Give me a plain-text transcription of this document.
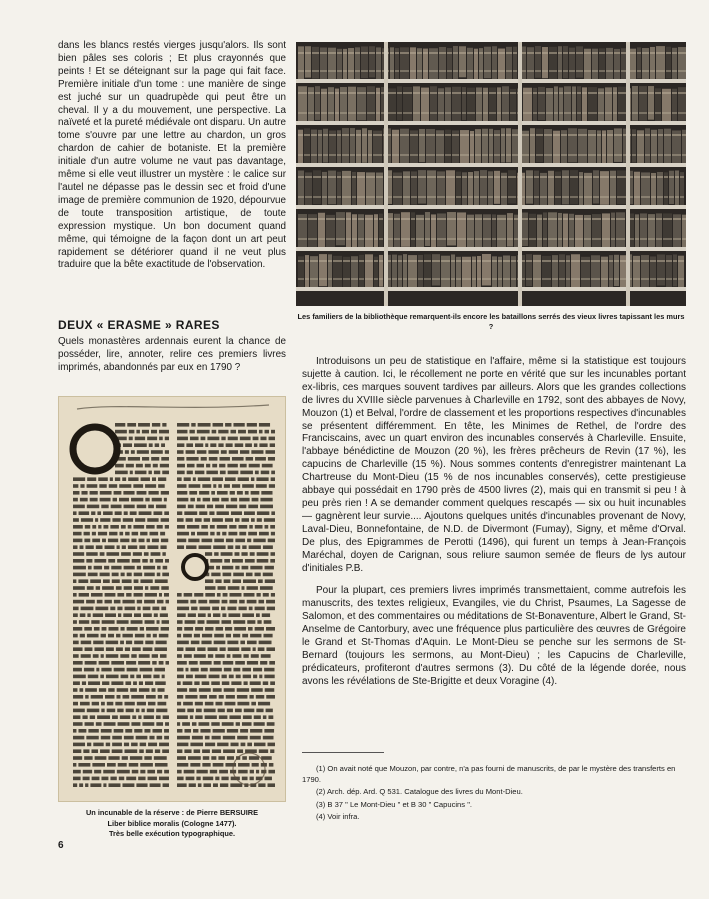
dans les blancs restés vierges jusqu'alors. Ils sont bien pâles ses coloris ; Et plus crayonnés que peints ! Et se déteignant sur la page qui fait face. Première initiale d'un tome : une manière de singe est juché sur un quadrupède qui peut être un cheval. Il y a du mouvement, une perspective. La naïveté et la pureté médiévale ont disparu. Un autre tome s'ouvre par une lettre au chardon, un gros chardon de cahier de botaniste. Et la première initiale d'un autre volume ne vaut pas davantage, même si elle veut illustrer un mystère : le calice sur l'autel ne dépasse pas le dessin sec et froid d'une image de première communion de 1920, dépourvue de toute transposition artistique, de toute expression mystique. Un bon document quand même, qui témoigne de la façon dont un art peut rapidement se détériorer quand il ne veut plus traduire que la bête exactitude de l'observation.

Les familiers de la bibliothèque remarquent-ils encore les bataillons serrés des vieux livres tapissant les murs ?
DEUX « ERASME » RARES

Quels monastères ardennais eurent la chance de posséder, lire, annoter, relire ces premiers livres imprimés, abandonnés par eux en 1790 ?

Un incunable de la réserve : de Pierre BERSUIRE
Liber biblice moralis (Cologne 1477).
Très belle exécution typographique.

Introduisons un peu de statistique en l'affaire, même si la statistique est toujours sujette à caution. Ici, le récollement ne porte en vérité que sur les incunables portant ex-libris, ces marques souvent tardives par ailleurs. Alors que les grandes collections de livres du XVIIIe siècle parvenues à Charleville en 1792, sont des abbayes de Novy, Mouzon (1) et Belval, l'ordre de classement et les proportions respectives d'incunables se présentent différemment. En tête, les Minimes de Rethel, de l'ordre des Franciscains, avec un quart environ des incunables conservés à Charleville. Ensuite, l'abbaye bénédictine de Mouzon (20 %), les frères prêcheurs de Revin (17 %), les capucins de Charleville (15 %). Nous sommes contents d'enregistrer maintenant La Chartreuse du Mont-Dieu (15 % de nos incunables conservés), cette prestigieuse abbaye qui possédait en 1790 près de 4500 livres (2), mais qui en transmit si peu ! à peu près rien ! A se demander comment quelques rescapés — six ou huit incunables — gagnèrent leur survie.... Ajoutons quelques unités d'incunables provenant de Novy, Laval-Dieu, Bonnefontaine, de N.D. de Divermont (Fumay), Signy, et même d'Orval. De plus, des Epigrammes de Perotti (1496), qui furent un temps à Jean-François Maréchal, doyen de Carignan, sous reliure saumon semée de fleurs de lys autour d'initiales P.B.

Pour la plupart, ces premiers livres imprimés transmettaient, comme autrefois les manuscrits, des textes religieux, Evangiles, vie du Christ, Psaumes, La Sagesse de Salomon, et des commentaires ou méditations de St-Bonaventure, Albert le Grand, St-Anselme de Cantorbury, avec une fréquence plus particulière des œuvres de Grégoire le Grand et St-Thomas d'Aquin. Le Mont-Dieu se penche sur les sermons de St-Bernard (toujours les sermons, au Mont-Dieu) ; les Capucins de Charleville, prédicateurs, profiteront d'autres sermons (3). Du côté de la légende dorée, nous avons les révélations de Ste-Brigitte et deux Voragine (4).

(1) On avait noté que Mouzon, par contre, n'a pas fourni de manuscrits, de par le mystère des transferts en 1790.
(2) Arch. dép. Ard. Q 531. Catalogue des livres du Mont-Dieu.
(3) B 37 " Le Mont-Dieu " et B 30 " Capucins ".
(4) Voir infra.
6
